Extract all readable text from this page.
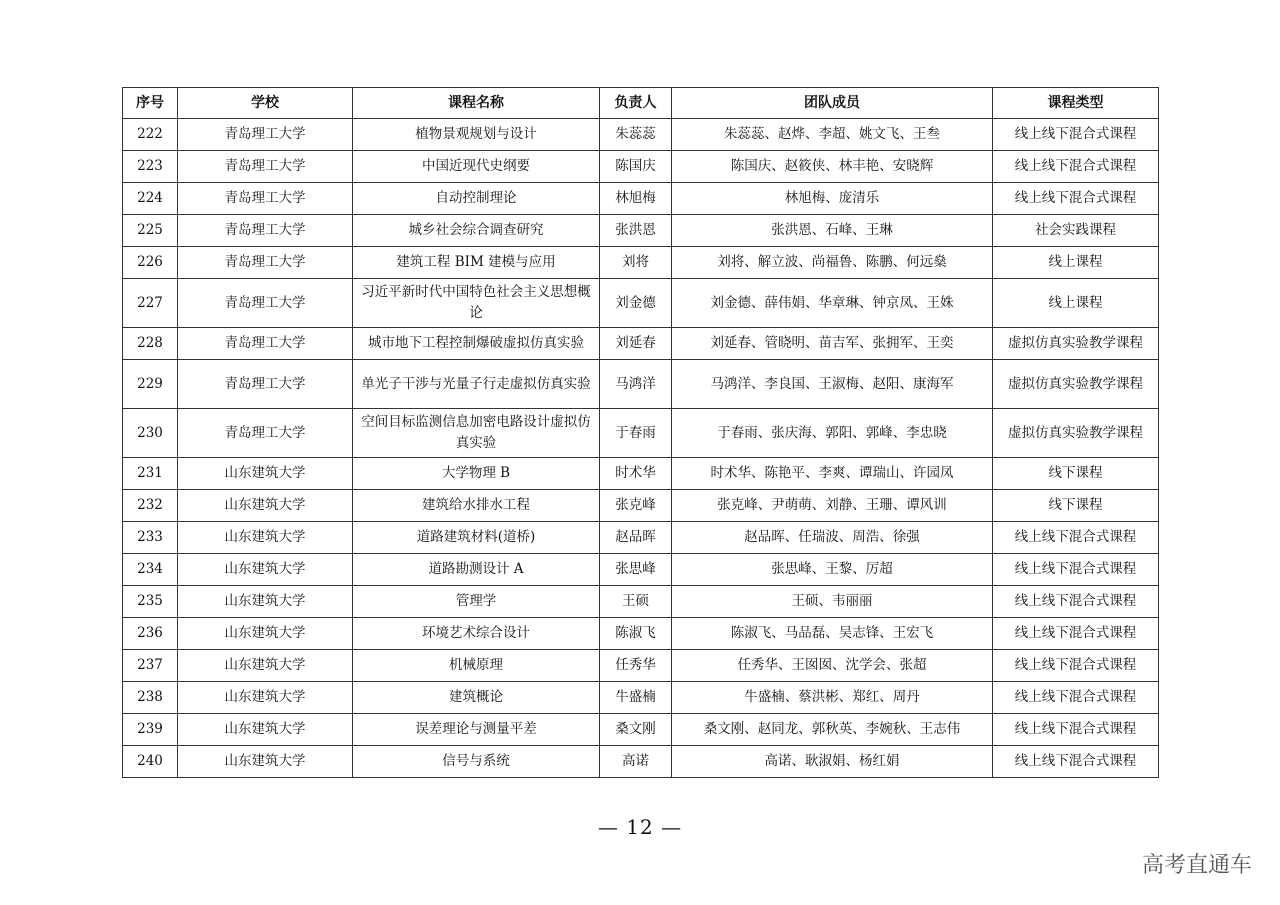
序号	学校	课程名称	负责人	团队成员	课程类型
222	青岛理工大学	植物景观规划与设计	朱蕊蕊	朱蕊蕊、赵烨、李超、姚文飞、王叁	线上线下混合式课程
223	青岛理工大学	中国近现代史纲要	陈国庆	陈国庆、赵筱侠、林丰艳、安晓辉	线上线下混合式课程
224	青岛理工大学	自动控制理论	林旭梅	林旭梅、庞清乐	线上线下混合式课程
225	青岛理工大学	城乡社会综合调查研究	张洪恩	张洪恩、石峰、王琳	社会实践课程
226	青岛理工大学	建筑工程 BIM 建模与应用	刘将	刘将、解立波、尚福鲁、陈鹏、何远燊	线上课程
227	青岛理工大学	习近平新时代中国特色社会主义思想概论	刘金德	刘金德、薛伟娟、华章琳、钟京凤、王姝	线上课程
228	青岛理工大学	城市地下工程控制爆破虚拟仿真实验	刘延春	刘延春、管晓明、苗吉军、张拥军、王奕	虚拟仿真实验教学课程
229	青岛理工大学	单光子干涉与光量子行走虚拟仿真实验	马鸿洋	马鸿洋、李良国、王淑梅、赵阳、康海军	虚拟仿真实验教学课程
230	青岛理工大学	空间目标监测信息加密电路设计虚拟仿真实验	于春雨	于春雨、张庆海、郭阳、郭峰、李忠晓	虚拟仿真实验教学课程
231	山东建筑大学	大学物理 B	时术华	时术华、陈艳平、李爽、谭瑞山、许园凤	线下课程
232	山东建筑大学	建筑给水排水工程	张克峰	张克峰、尹萌萌、刘静、王珊、谭风训	线下课程
233	山东建筑大学	道路建筑材料(道桥)	赵品晖	赵品晖、任瑞波、周浩、徐强	线上线下混合式课程
234	山东建筑大学	道路勘测设计 A	张思峰	张思峰、王黎、厉超	线上线下混合式课程
235	山东建筑大学	管理学	王硕	王硕、韦丽丽	线上线下混合式课程
236	山东建筑大学	环境艺术综合设计	陈淑飞	陈淑飞、马品磊、吴志锋、王宏飞	线上线下混合式课程
237	山东建筑大学	机械原理	任秀华	任秀华、王囡囡、沈学会、张超	线上线下混合式课程
238	山东建筑大学	建筑概论	牛盛楠	牛盛楠、蔡洪彬、郑红、周丹	线上线下混合式课程
239	山东建筑大学	误差理论与测量平差	桑文刚	桑文刚、赵同龙、郭秋英、李婉秋、王志伟	线上线下混合式课程
240	山东建筑大学	信号与系统	高诺	高诺、耿淑娟、杨红娟	线上线下混合式课程
— 12 —
高考直通车
